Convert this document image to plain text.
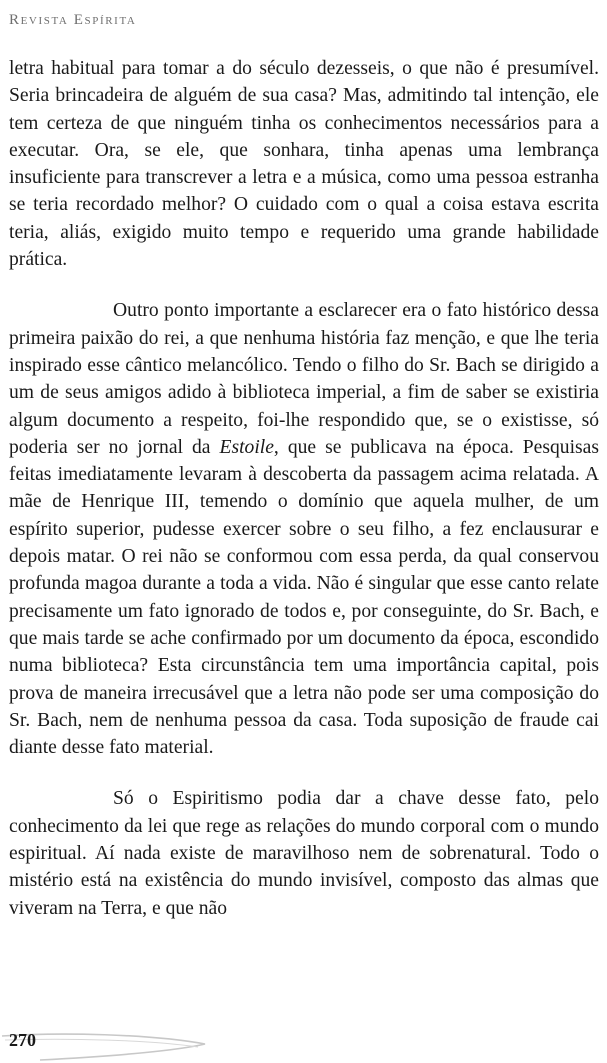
Revista Espírita

letra habitual para tomar a do século dezesseis, o que não é presumível. Seria brincadeira de alguém de sua casa? Mas, admitindo tal intenção, ele tem certeza de que ninguém tinha os conhecimentos necessários para a executar. Ora, se ele, que sonhara, tinha apenas uma lembrança insuficiente para transcrever a letra e a música, como uma pessoa estranha se teria recordado melhor? O cuidado com o qual a coisa estava escrita teria, aliás, exigido muito tempo e requerido uma grande habilidade prática.

Outro ponto importante a esclarecer era o fato histórico dessa primeira paixão do rei, a que nenhuma história faz menção, e que lhe teria inspirado esse cântico melancólico. Tendo o filho do Sr. Bach se dirigido a um de seus amigos adido à biblioteca imperial, a fim de saber se existiria algum documento a respeito, foi-lhe respondido que, se o existisse, só poderia ser no jornal da Estoile, que se publicava na época. Pesquisas feitas imediatamente levaram à descoberta da passagem acima relatada. A mãe de Henrique III, temendo o domínio que aquela mulher, de um espírito superior, pudesse exercer sobre o seu filho, a fez enclausurar e depois matar. O rei não se conformou com essa perda, da qual conservou profunda magoa durante a toda a vida. Não é singular que esse canto relate precisamente um fato ignorado de todos e, por conseguinte, do Sr. Bach, e que mais tarde se ache confirmado por um documento da época, escondido numa biblioteca? Esta circunstância tem uma importância capital, pois prova de maneira irrecusável que a letra não pode ser uma composição do Sr. Bach, nem de nenhuma pessoa da casa. Toda suposição de fraude cai diante desse fato material.

Só o Espiritismo podia dar a chave desse fato, pelo conhecimento da lei que rege as relações do mundo corporal com o mundo espiritual. Aí nada existe de maravilhoso nem de sobrenatural. Todo o mistério está na existência do mundo invisível, composto das almas que viveram na Terra, e que não

270
